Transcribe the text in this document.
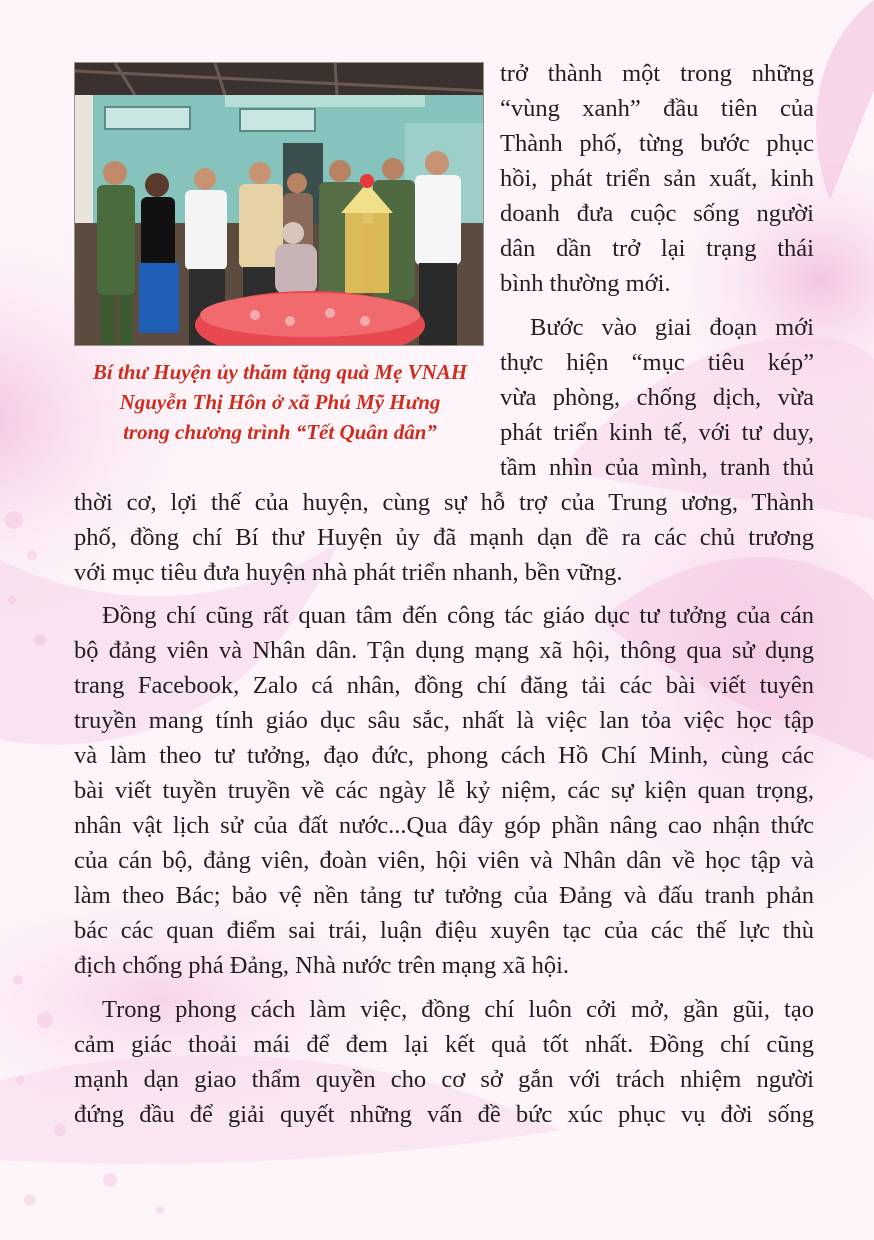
Bí thư Huyện ủy thăm tặng quà Mẹ VNAH
Nguyễn Thị Hôn ở xã Phú Mỹ Hưng
trong chương trình “Tết Quân dân”
trở thành một trong những
“vùng xanh” đầu tiên của
Thành phố, từng bước phục
hồi, phát triển sản xuất, kinh
doanh đưa cuộc sống người
dân dần trở lại trạng thái
bình thường mới.
Bước vào giai đoạn mới
thực hiện “mục tiêu kép”
vừa phòng, chống dịch, vừa
phát triển kinh tế, với tư duy,
tầm nhìn của mình, tranh thủ
thời cơ, lợi thế của huyện, cùng sự hỗ trợ của Trung ương, Thành
phố, đồng chí Bí thư Huyện ủy đã mạnh dạn đề ra các chủ trương
với mục tiêu đưa huyện nhà phát triển nhanh, bền vững.
Đồng chí cũng rất quan tâm đến công tác giáo dục tư tưởng của cán
bộ đảng viên và Nhân dân. Tận dụng mạng xã hội, thông qua sử dụng
trang Facebook, Zalo cá nhân, đồng chí đăng tải các bài viết tuyên
truyền mang tính giáo dục sâu sắc, nhất là việc lan tỏa việc học tập
và làm theo tư tưởng, đạo đức, phong cách Hồ Chí Minh, cùng các
bài viết tuyền truyền về các ngày lễ kỷ niệm, các sự kiện quan trọng,
nhân vật lịch sử của đất nước...Qua đây góp phần nâng cao nhận thức
của cán bộ, đảng viên, đoàn viên, hội viên và Nhân dân về học tập và
làm theo Bác; bảo vệ nền tảng tư tưởng của Đảng và đấu tranh phản
bác các quan điểm sai trái, luận điệu xuyên tạc của các thế lực thù
địch chống phá Đảng, Nhà nước trên mạng xã hội.
Trong phong cách làm việc, đồng chí luôn cởi mở, gần gũi, tạo
cảm giác thoải mái để đem lại kết quả tốt nhất. Đồng chí cũng
mạnh dạn giao thẩm quyền cho cơ sở gắn với trách nhiệm người
đứng đầu để giải quyết những vấn đề bức xúc phục vụ đời sống
